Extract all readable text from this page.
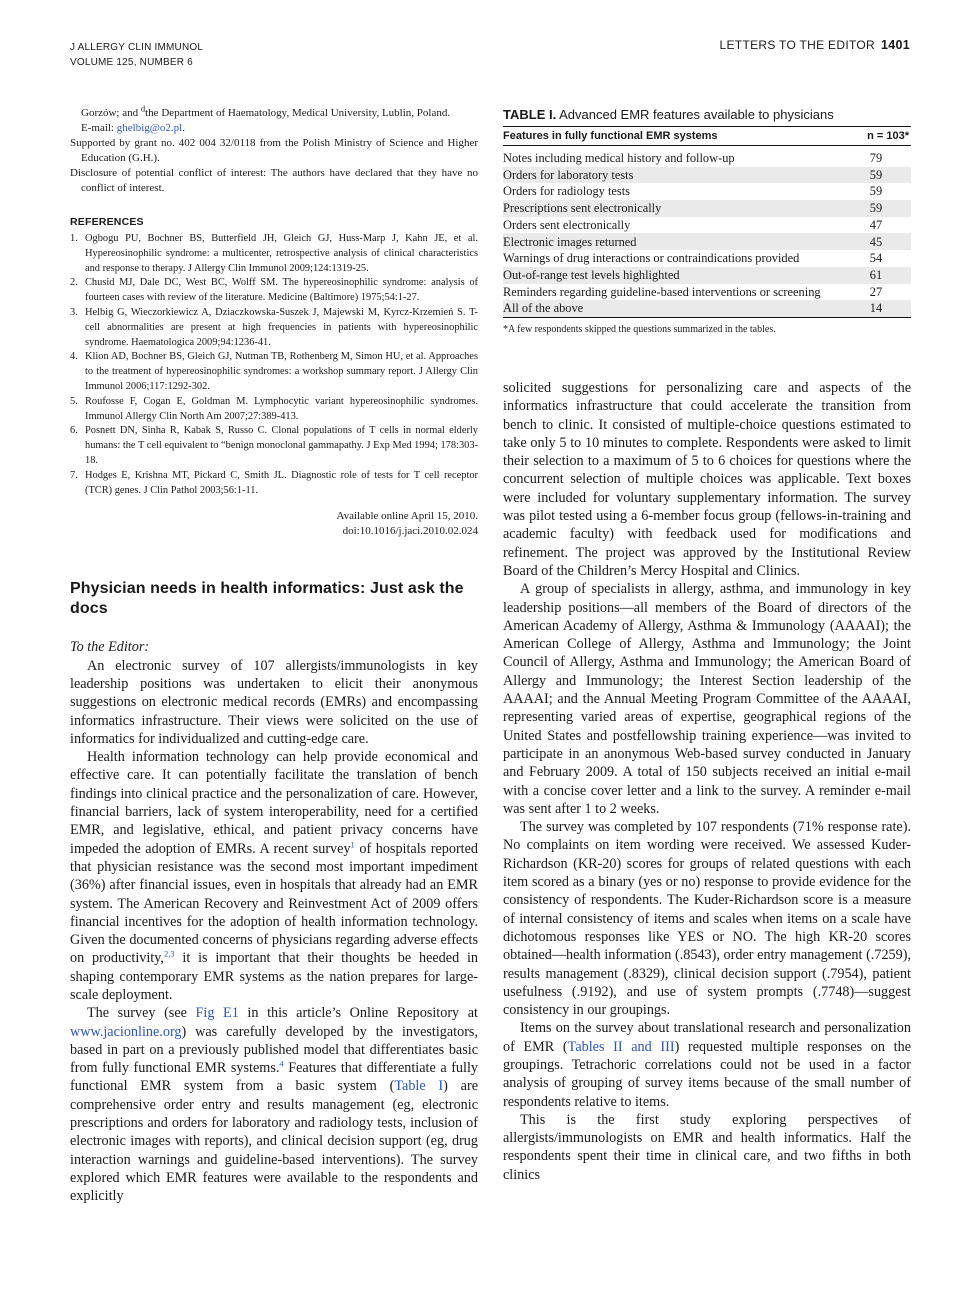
J ALLERGY CLIN IMMUNOL
VOLUME 125, NUMBER 6
LETTERS TO THE EDITOR 1401

Gorzów; and $^d$the Department of Haematology, Medical University, Lublin, Poland.
E-mail: ghelbig@o2.pl.

Supported by grant no. 402 004 32/0118 from the Polish Ministry of Science and Higher Education (G.H.).

Disclosure of potential conflict of interest: The authors have declared that they have no conflict of interest.

REFERENCES
1. Ogbogu PU, Bochner BS, Butterfield JH, Gleich GJ, Huss-Marp J, Kahn JE, et al. Hypereosinophilic syndrome: a multicenter, retrospective analysis of clinical characteristics and response to therapy. J Allergy Clin Immunol 2009;124:1319-25.
2. Chusid MJ, Dale DC, West BC, Wolff SM. The hypereosinophilic syndrome: analysis of fourteen cases with review of the literature. Medicine (Baltimore) 1975;54:1-27.
3. Helbig G, Wieczorkiewicz A, Dziaczkowska-Suszek J, Majewski M, Kyrcz-Krzemień S. T-cell abnormalities are present at high frequencies in patients with hypereosinophilic syndrome. Haematologica 2009;94:1236-41.
4. Klion AD, Bochner BS, Gleich GJ, Nutman TB, Rothenberg M, Simon HU, et al. Approaches to the treatment of hypereosinophilic syndromes: a workshop summary report. J Allergy Clin Immunol 2006;117:1292-302.
5. Roufosse F, Cogan E, Goldman M. Lymphocytic variant hypereosinophilic syndromes. Immunol Allergy Clin North Am 2007;27:389-413.
6. Posnett DN, Sinha R, Kabak S, Russo C. Clonal populations of T cells in normal elderly humans: the T cell equivalent to “benign monoclonal gammapathy. J Exp Med 1994; 178:303-18.
7. Hodges E, Krishna MT, Pickard C, Smith JL. Diagnostic role of tests for T cell receptor (TCR) genes. J Clin Pathol 2003;56:1-11.
Available online April 15, 2010.
doi:10.1016/j.jaci.2010.02.024
Physician needs in health informatics: Just ask the docs

To the Editor:

An electronic survey of 107 allergists/immunologists in key leadership positions was undertaken to elicit their anonymous suggestions on electronic medical records (EMRs) and encompassing informatics infrastructure. Their views were solicited on the use of informatics for individualized and cutting-edge care.

Health information technology can help provide economical and effective care. It can potentially facilitate the translation of bench findings into clinical practice and the personalization of care. However, financial barriers, lack of system interoperability, need for a certified EMR, and legislative, ethical, and patient privacy concerns have impeded the adoption of EMRs. A recent survey$^1$ of hospitals reported that physician resistance was the second most important impediment (36%) after financial issues, even in hospitals that already had an EMR system. The American Recovery and Reinvestment Act of 2009 offers financial incentives for the adoption of health information technology. Given the documented concerns of physicians regarding adverse effects on productivity,$^{2,3}$ it is important that their thoughts be heeded in shaping contemporary EMR systems as the nation prepares for large-scale deployment.

The survey (see Fig E1 in this article’s Online Repository at www.jacionline.org) was carefully developed by the investigators, based in part on a previously published model that differentiates basic from fully functional EMR systems.$^4$ Features that differentiate a fully functional EMR system from a basic system (Table I) are comprehensive order entry and results management (eg, electronic prescriptions and orders for laboratory and radiology tests, inclusion of electronic images with reports), and clinical decision support (eg, drug interaction warnings and guideline-based interventions). The survey explored which EMR features were available to the respondents and explicitly

TABLE I. Advanced EMR features available to physicians
Features in fully functional EMR systems	n = 103*

Notes including medical history and follow-up	79
Orders for laboratory tests	59
Orders for radiology tests	59
Prescriptions sent electronically	59
Orders sent electronically	47
Electronic images returned	45
Warnings of drug interactions or contraindications provided	54
Out-of-range test levels highlighted	61
Reminders regarding guideline-based interventions or screening	27
All of the above	14
*A few respondents skipped the questions summarized in the tables.

solicited suggestions for personalizing care and aspects of the informatics infrastructure that could accelerate the transition from bench to clinic. It consisted of multiple-choice questions estimated to take only 5 to 10 minutes to complete. Respondents were asked to limit their selection to a maximum of 5 to 6 choices for questions where the concurrent selection of multiple choices was applicable. Text boxes were included for voluntary supplementary information. The survey was pilot tested using a 6-member focus group (fellows-in-training and academic faculty) with feedback used for modifications and refinement. The project was approved by the Institutional Review Board of the Children’s Mercy Hospital and Clinics.

A group of specialists in allergy, asthma, and immunology in key leadership positions—all members of the Board of directors of the American Academy of Allergy, Asthma & Immunology (AAAAI); the American College of Allergy, Asthma and Immunology; the Joint Council of Allergy, Asthma and Immunology; the American Board of Allergy and Immunology; the Interest Section leadership of the AAAAI; and the Annual Meeting Program Committee of the AAAAI, representing varied areas of expertise, geographical regions of the United States and postfellowship training experience—was invited to participate in an anonymous Web-based survey conducted in January and February 2009. A total of 150 subjects received an initial e-mail with a concise cover letter and a link to the survey. A reminder e-mail was sent after 1 to 2 weeks.

The survey was completed by 107 respondents (71% response rate). No complaints on item wording were received. We assessed Kuder-Richardson (KR-20) scores for groups of related questions with each item scored as a binary (yes or no) response to provide evidence for the consistency of respondents. The Kuder-Richardson score is a measure of internal consistency of items and scales when items on a scale have dichotomous responses like YES or NO. The high KR-20 scores obtained—health information (.8543), order entry management (.7259), results management (.8329), clinical decision support (.7954), patient usefulness (.9192), and use of system prompts (.7748)—suggest consistency in our groupings.

Items on the survey about translational research and personalization of EMR (Tables II and III) requested multiple responses on the groupings. Tetrachoric correlations could not be used in a factor analysis of grouping of survey items because of the small number of respondents relative to items.

This is the first study exploring perspectives of allergists/immunologists on EMR and health informatics. Half the respondents spent their time in clinical care, and two fifths in both clinics
